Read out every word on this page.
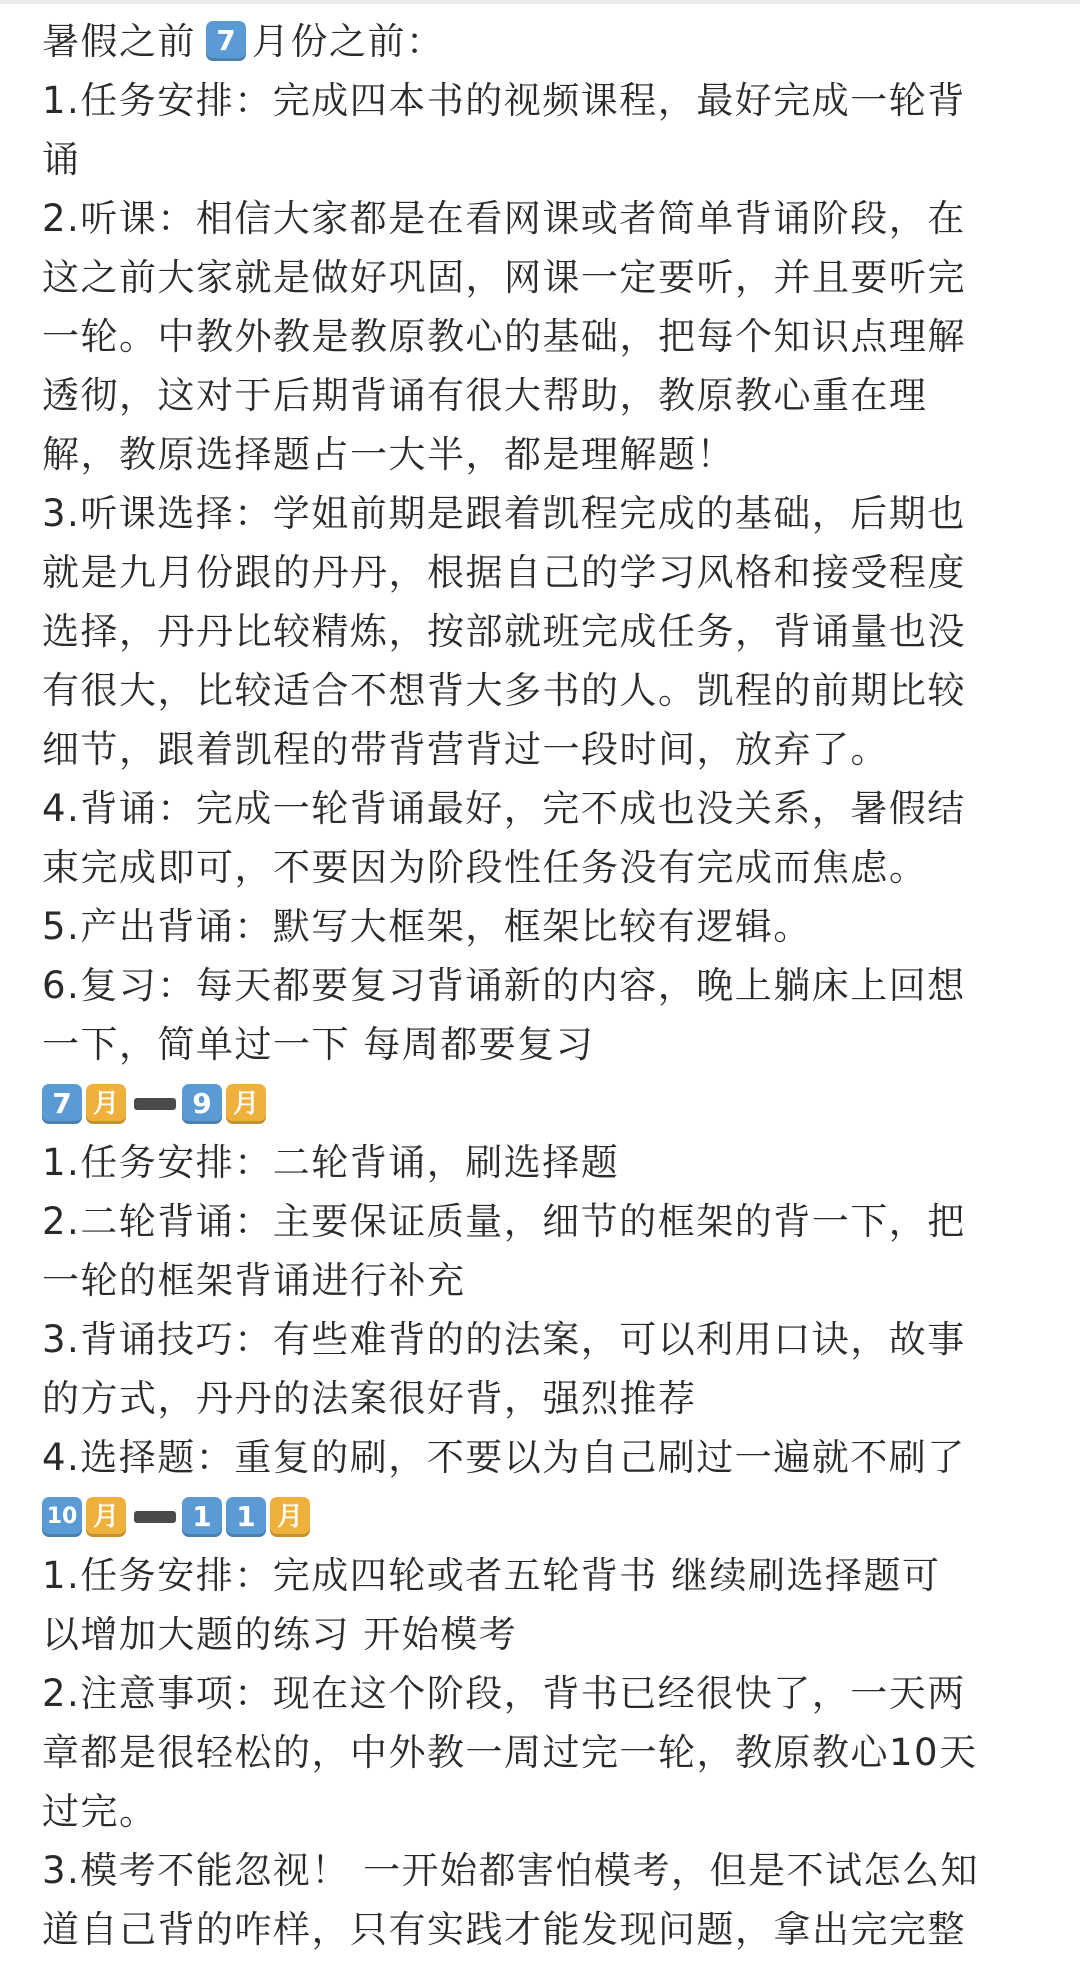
暑假之前 7 月份之前：
1.任务安排：完成四本书的视频课程，最好完成一轮背
诵
2.听课：相信大家都是在看网课或者简单背诵阶段，在
这之前大家就是做好巩固，网课一定要听，并且要听完
一轮。中教外教是教原教心的基础，把每个知识点理解
透彻，这对于后期背诵有很大帮助，教原教心重在理
解，教原选择题占一大半，都是理解题！
3.听课选择：学姐前期是跟着凯程完成的基础，后期也
就是九月份跟的丹丹，根据自己的学习风格和接受程度
选择，丹丹比较精炼，按部就班完成任务，背诵量也没
有很大，比较适合不想背大多书的人。凯程的前期比较
细节，跟着凯程的带背营背过一段时间，放弃了。
4.背诵：完成一轮背诵最好，完不成也没关系，暑假结
束完成即可，不要因为阶段性任务没有完成而焦虑。
5.产出背诵：默写大框架，框架比较有逻辑。
6.复习：每天都要复习背诵新的内容，晚上躺床上回想
一下，简单过一下 每周都要复习
7 月	9 月
1.任务安排：二轮背诵，刷选择题
2.二轮背诵：主要保证质量，细节的框架的背一下，把
一轮的框架背诵进行补充
3.背诵技巧：有些难背的的法案，可以利用口诀，故事
的方式，丹丹的法案很好背，强烈推荐
4.选择题：重复的刷，不要以为自己刷过一遍就不刷了
10 月	1 1 月
1.任务安排：完成四轮或者五轮背书 继续刷选择题可
以增加大题的练习 开始模考
2.注意事项：现在这个阶段，背书已经很快了，一天两
章都是很轻松的，中外教一周过完一轮，教原教心10天
过完。
3.模考不能忽视！ 一开始都害怕模考，但是不试怎么知
道自己背的咋样，只有实践才能发现问题，拿出完完整
